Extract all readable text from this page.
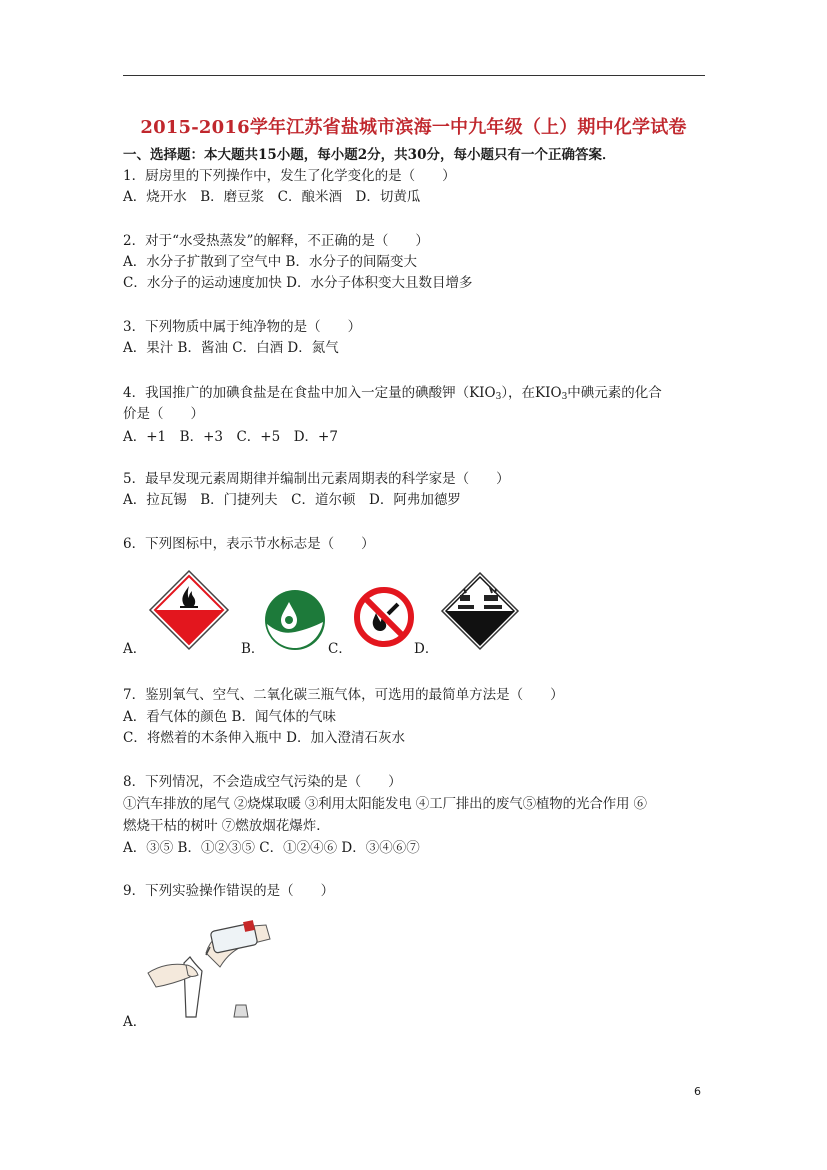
2015-2016学年江苏省盐城市滨海一中九年级（上）期中化学试卷
一、选择题：本大题共15小题，每小题2分，共30分，每小题只有一个正确答案．
1．厨房里的下列操作中，发生了化学变化的是（　　）
A．烧开水　B．磨豆浆　C．酿米酒　D．切黄瓜
2．对于“水受热蒸发”的解释，不正确的是（　　）
A．水分子扩散到了空气中 B．水分子的间隔变大
C．水分子的运动速度加快 D．水分子体积变大且数目增多
3．下列物质中属于纯净物的是（　　）
A．果汁 B．酱油 C．白酒 D．氮气
4．我国推广的加碘食盐是在食盐中加入一定量的碘酸钾$(KIO_3)$，在$KIO_3$中碘元素的化合
价是（　　）
A．+1　B．+3　C．+5　D．+7
5．最早发现元素周期律并编制出元素周期表的科学家是（　　）
A．拉瓦锡　B．门捷列夫　C．道尔顿　D．阿弗加德罗
6．下列图标中，表示节水标志是（　　）
A．	B．	C．	D．
7．鉴别氧气、空气、二氧化碳三瓶气体，可选用的最简单方法是（　　）
A．看气体的颜色 B．闻气体的气味
C．将燃着的木条伸入瓶中 D．加入澄清石灰水
8．下列情况，不会造成空气污染的是（　　）
①汽车排放的尾气 ②烧煤取暖 ③利用太阳能发电 ④工厂排出的废气⑤植物的光合作用 ⑥
燃烧干枯的树叶 ⑦燃放烟花爆炸．
A．③⑤ B．①②③⑤ C．①②④⑥ D．③④⑥⑦
9．下列实验操作错误的是（　　）
A．
6
